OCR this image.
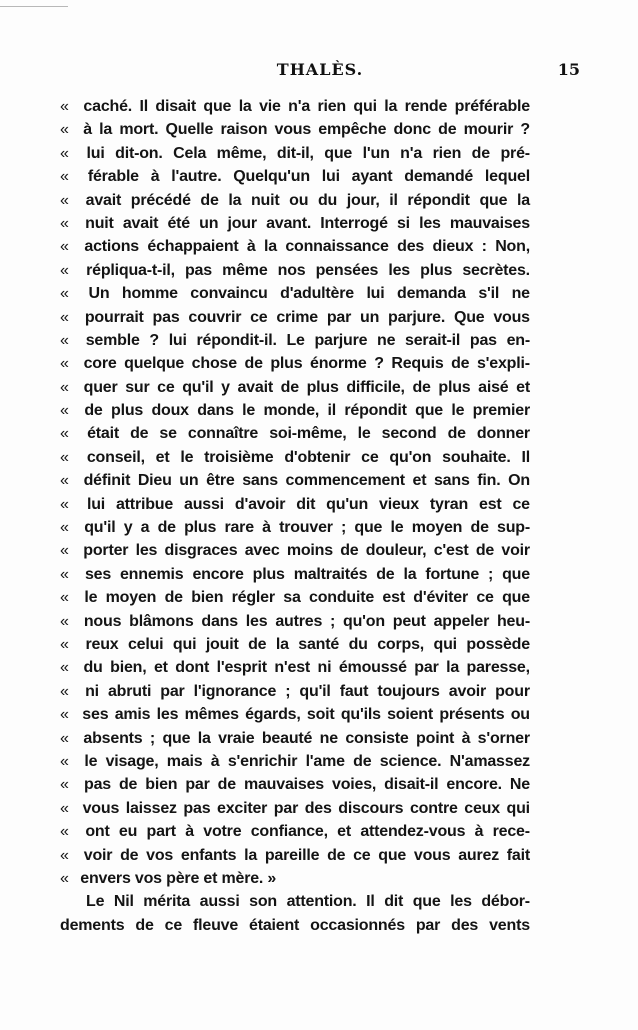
THALÈS.	15
« caché. Il disait que la vie n'a rien qui la rende préférable
« à la mort. Quelle raison vous empêche donc de mourir ?
«	lui dit-on. Cela même, dit-il, que l'un n'a rien de pré-
«	férable à l'autre. Quelqu'un lui ayant demandé lequel
«	avait précédé de la nuit ou du jour, il répondit que la
«	nuit avait été un jour avant. Interrogé si les mauvaises
« actions échappaient à la connaissance des dieux : Non,
«	répliqua-t-il, pas même nos pensées les plus secrètes.
«	Un homme convaincu d'adultère lui demanda s'il ne
«	pourrait pas couvrir ce crime par un parjure. Que vous
«	semble ? lui répondit-il. Le parjure ne serait-il pas en-
« core quelque chose de plus énorme ? Requis de s'expli-
« quer sur ce qu'il y avait de plus difficile, de plus aisé et
« de plus doux dans le monde, il répondit que le premier
«	était de se connaître soi-même, le second de donner
«	conseil, et le troisième d'obtenir ce qu'on souhaite. Il
« définit Dieu un être sans commencement et sans fin. On
«	lui attribue aussi d'avoir dit qu'un vieux tyran est ce
« qu'il y a de plus rare à trouver ; que le moyen de sup-
« porter les disgraces avec moins de douleur, c'est de voir
«	ses ennemis encore plus maltraités de la fortune ; que
« le moyen de bien régler sa conduite est d'éviter ce que
« nous blâmons dans les autres ; qu'on peut appeler heu-
«	reux celui qui jouit de la santé du corps, qui possède
« du bien, et dont l'esprit n'est ni émoussé par la paresse,
«	ni abruti par l'ignorance ; qu'il faut toujours avoir pour
« ses amis les mêmes égards, soit qu'ils soient présents ou
« absents ; que la vraie beauté ne consiste point à s'orner
« le visage, mais à s'enrichir l'ame de science. N'amassez
« pas de bien par de mauvaises voies, disait-il encore. Ne
« vous laissez pas exciter par des discours contre ceux qui
«	ont eu part à votre confiance, et attendez-vous à rece-
« voir de vos enfants la pareille de ce que vous aurez fait
«
envers
vos
père
et
mère.
»
Le Nil mérita aussi son attention. Il dit que les débor-
dements de ce fleuve étaient occasionnés par des vents
